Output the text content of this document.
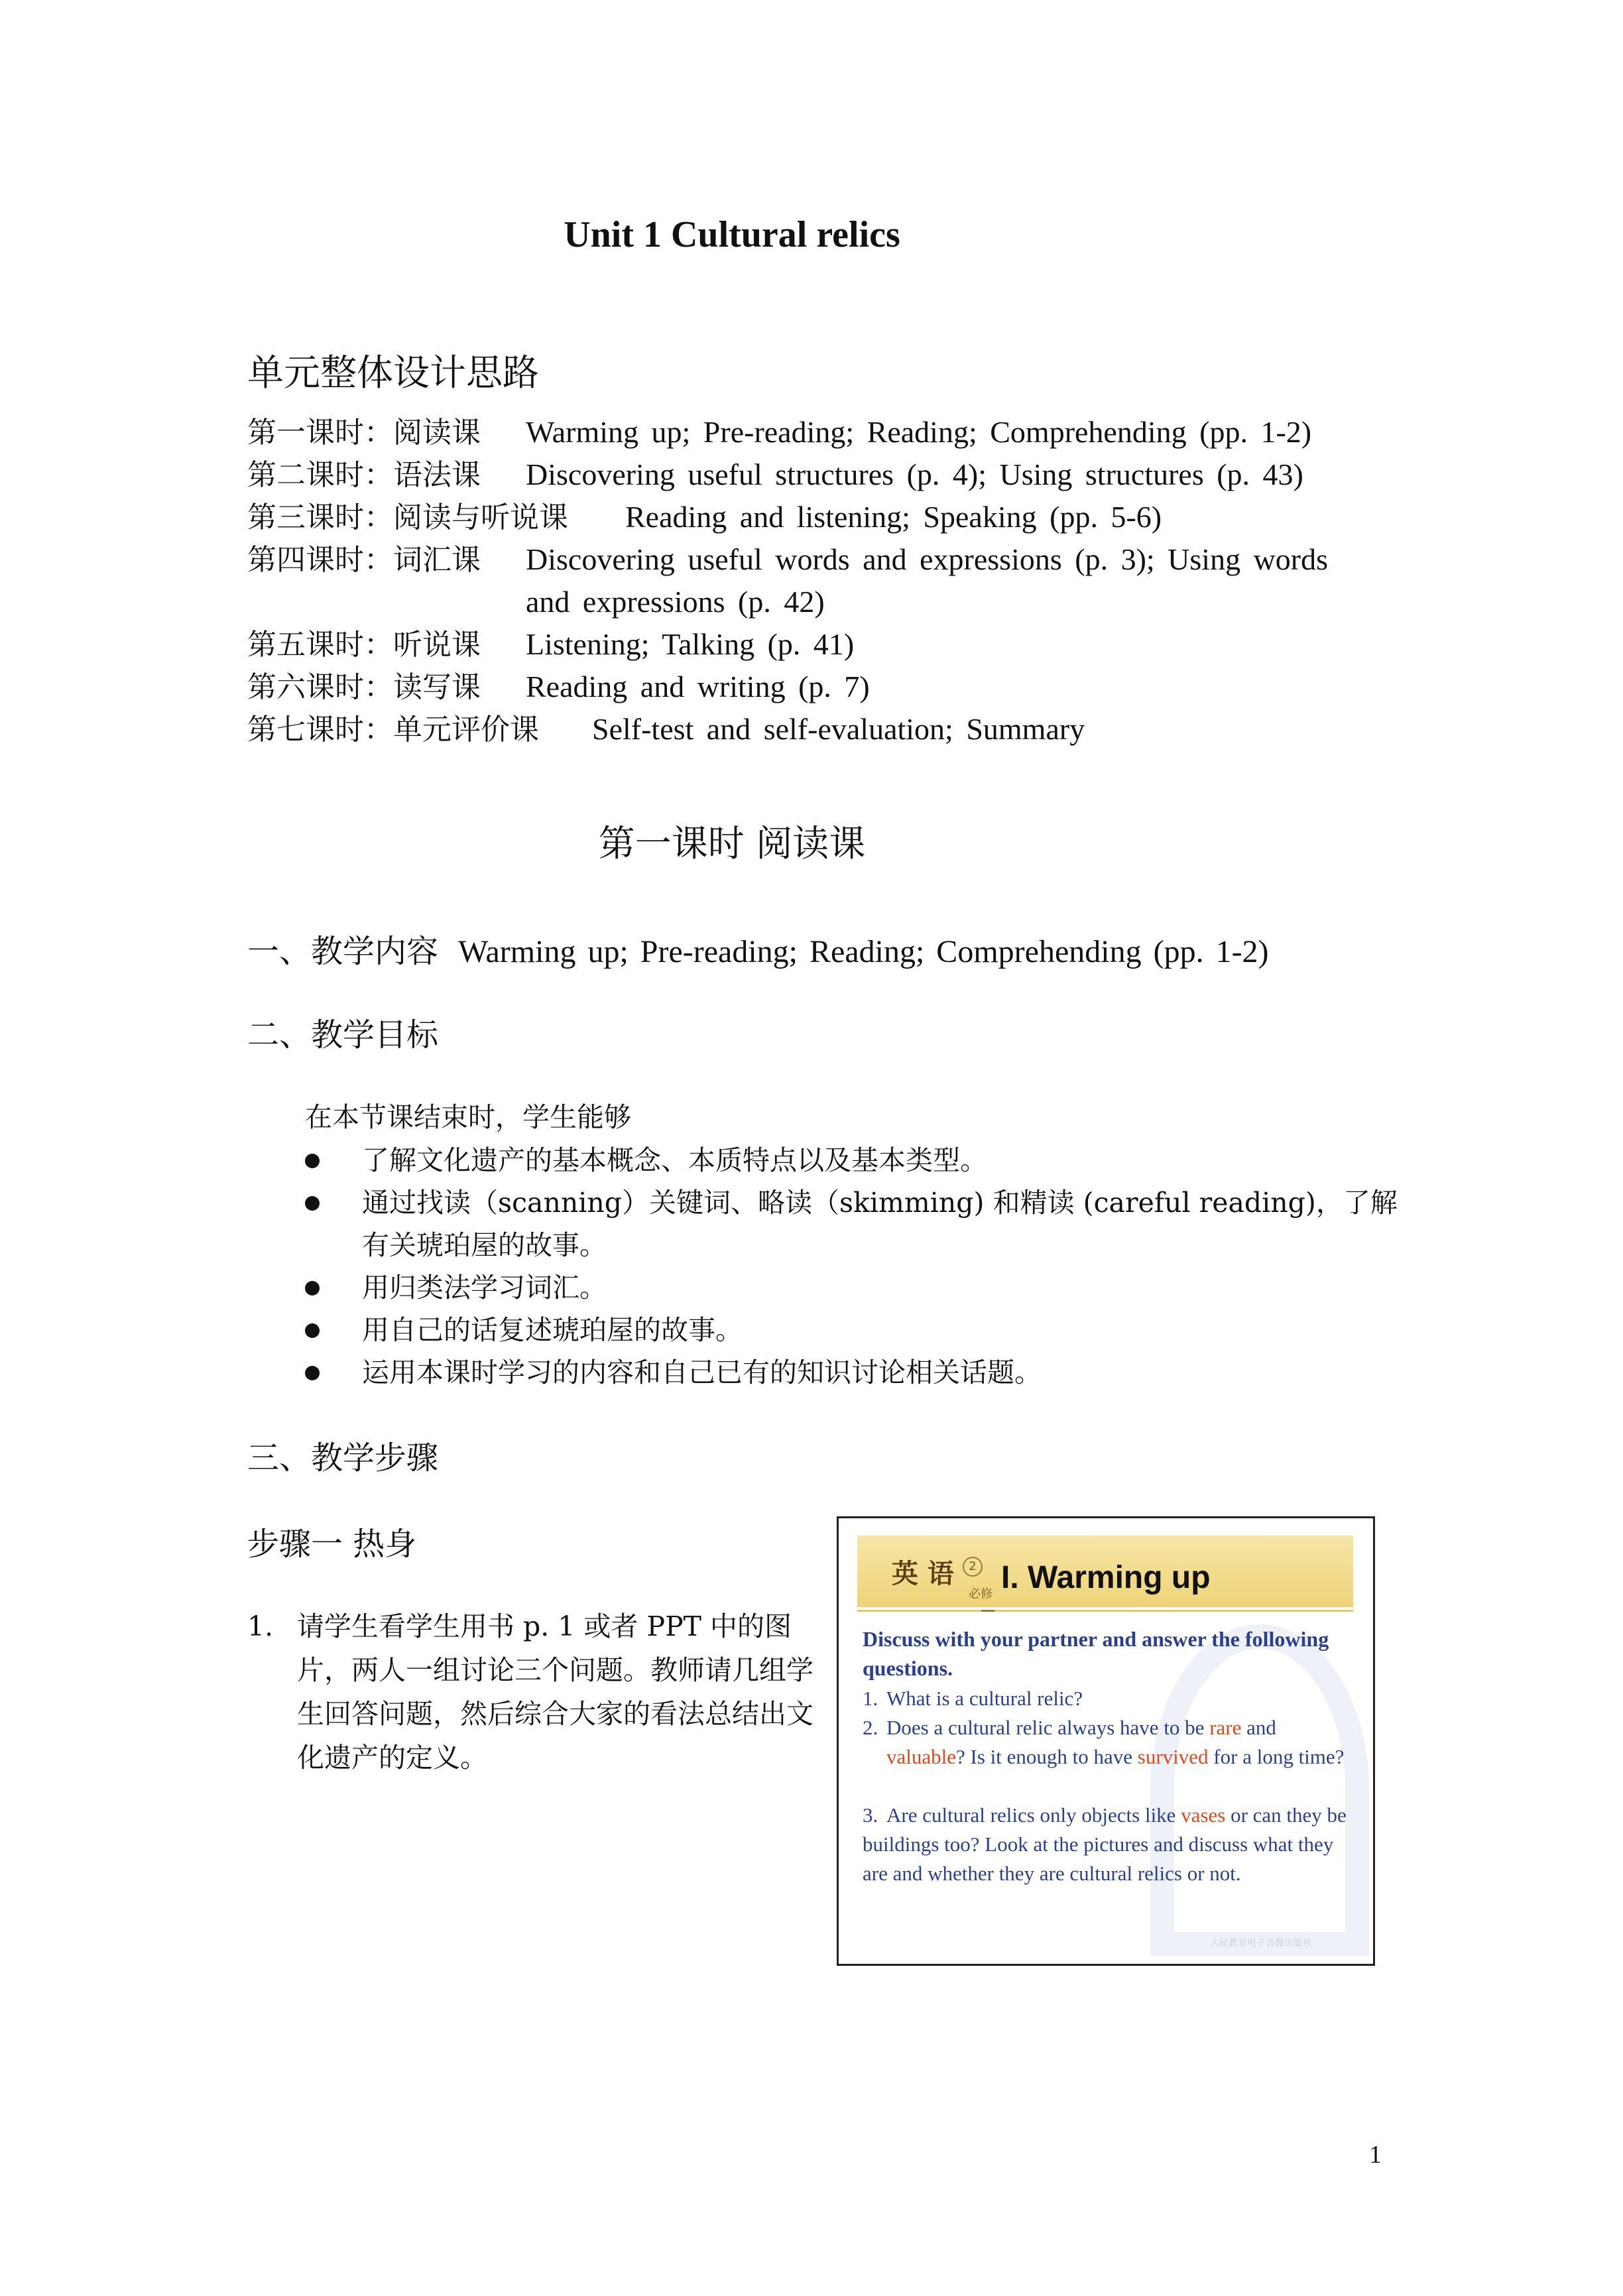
Unit 1 Cultural relics
单元整体设计思路
第一课时：阅读课 Warming up; Pre-reading; Reading; Comprehending (pp. 1-2)
第二课时：语法课 Discovering useful structures (p. 4); Using structures (p. 43)
第三课时：阅读与听说课 Reading and listening; Speaking (pp. 5-6)
第四课时：词汇课 Discovering useful words and expressions (p. 3); Using words
and expressions (p. 42)
第五课时：听说课 Listening; Talking (p. 41)
第六课时：读写课 Reading and writing (p. 7)
第七课时：单元评价课 Self-test and self-evaluation; Summary
第一课时 阅读课
一、教学内容 Warming up; Pre-reading; Reading; Comprehending (pp. 1-2)
二、教学目标
在本节课结束时，学生能够
了解文化遗产的基本概念、本质特点以及基本类型。
通过找读（scanning）关键词、略读（skimming) 和精读 (careful reading)，了解有关琥珀屋的故事。
用归类法学习词汇。
用自己的话复述琥珀屋的故事。
运用本课时学习的内容和自己已有的知识讨论相关话题。
三、教学步骤
步骤一 热身
1. 请学生看学生用书 p. 1 或者 PPT 中的图片，两人一组讨论三个问题。教师请几组学生回答问题，然后综合大家的看法总结出文化遗产的定义。
英 语	2
必修 I. Warming up
Discuss with your partner and answer the following questions.
1. What is a cultural relic?
2. Does a cultural relic always have to be rare and
valuable? Is it enough to have survived for a long time?
3. Are cultural relics only objects like vases or can they be buildings too? Look at the pictures and discuss what they are and whether they are cultural relics or not.
人民教育电子音像出版社
1
